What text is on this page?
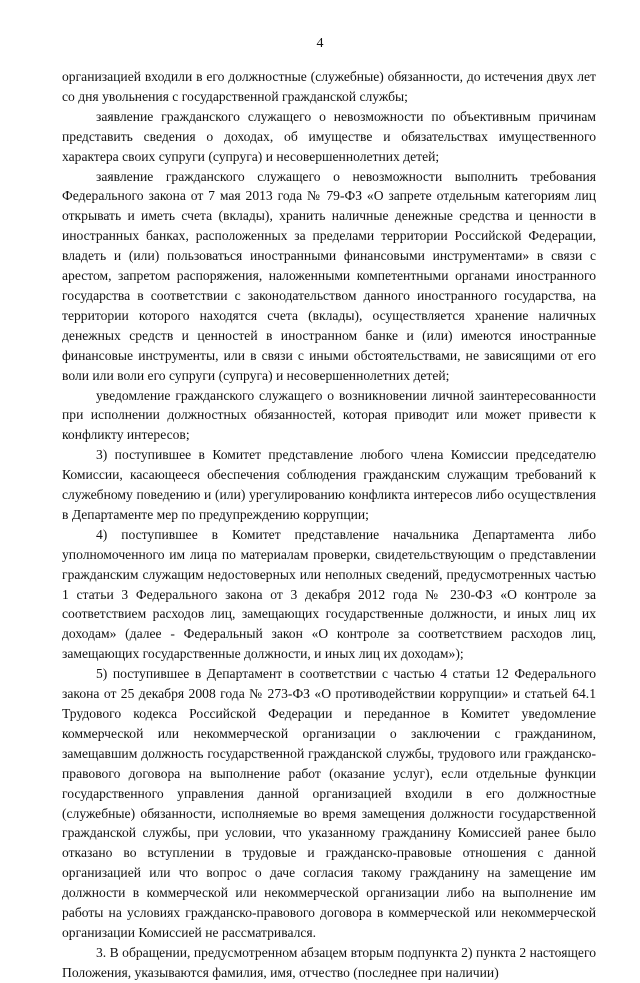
4

организацией входили в его должностные (служебные) обязанности, до истечения двух лет со дня увольнения с государственной гражданской службы;

заявление гражданского служащего о невозможности по объективным причинам представить сведения о доходах, об имуществе и обязательствах имущественного характера своих супруги (супруга) и несовершеннолетних детей;

заявление гражданского служащего о невозможности выполнить требования Федерального закона от 7 мая 2013 года № 79-ФЗ «О запрете отдельным категориям лиц открывать и иметь счета (вклады), хранить наличные денежные средства и ценности в иностранных банках, расположенных за пределами территории Российской Федерации, владеть и (или) пользоваться иностранными финансовыми инструментами» в связи с арестом, запретом распоряжения, наложенными компетентными органами иностранного государства в соответствии с законодательством данного иностранного государства, на территории которого находятся счета (вклады), осуществляется хранение наличных денежных средств и ценностей в иностранном банке и (или) имеются иностранные финансовые инструменты, или в связи с иными обстоятельствами, не зависящими от его воли или воли его супруги (супруга) и несовершеннолетних детей;

уведомление гражданского служащего о возникновении личной заинтересованности при исполнении должностных обязанностей, которая приводит или может привести к конфликту интересов;

3) поступившее в Комитет представление любого члена Комиссии председателю Комиссии, касающееся обеспечения соблюдения гражданским служащим требований к служебному поведению и (или) урегулированию конфликта интересов либо осуществления в Департаменте мер по предупреждению коррупции;

4) поступившее в Комитет представление начальника Департамента либо уполномоченного им лица по материалам проверки, свидетельствующим о представлении гражданским служащим недостоверных или неполных сведений, предусмотренных частью 1 статьи 3 Федерального закона от 3 декабря 2012 года № 230-ФЗ «О контроле за соответствием расходов лиц, замещающих государственные должности, и иных лиц их доходам» (далее - Федеральный закон «О контроле за соответствием расходов лиц, замещающих государственные должности, и иных лиц их доходам»);

5) поступившее в Департамент в соответствии с частью 4 статьи 12 Федерального закона от 25 декабря 2008 года № 273-ФЗ «О противодействии коррупции» и статьей 64.1 Трудового кодекса Российской Федерации и переданное в Комитет уведомление коммерческой или некоммерческой организации о заключении с гражданином, замещавшим должность государственной гражданской службы, трудового или гражданско-правового договора на выполнение работ (оказание услуг), если отдельные функции государственного управления данной организацией входили в его должностные (служебные) обязанности, исполняемые во время замещения должности государственной гражданской службы, при условии, что указанному гражданину Комиссией ранее было отказано во вступлении в трудовые и гражданско-правовые отношения с данной организацией или что вопрос о даче согласия такому гражданину на замещение им должности в коммерческой или некоммерческой организации либо на выполнение им работы на условиях гражданско-правового договора в коммерческой или некоммерческой организации Комиссией не рассматривался.

3. В обращении, предусмотренном абзацем вторым подпункта 2) пункта 2 настоящего Положения, указываются фамилия, имя, отчество (последнее при наличии)
